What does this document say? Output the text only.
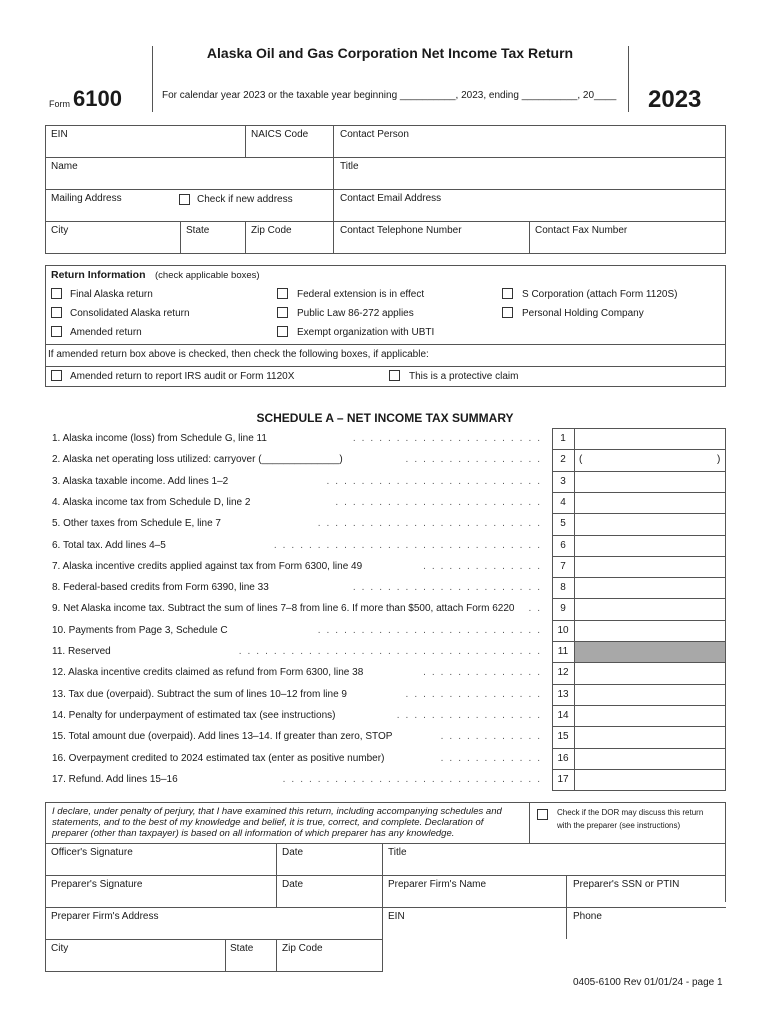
Alaska Oil and Gas Corporation Net Income Tax Return
Form 6100	For calendar year 2023 or the taxable year beginning __________, 2023, ending __________, 20____ 2023
EIN	NAICS Code	Contact Person
Name	Title
Mailing Address	Check if new address	Contact Email Address
City	State	Zip Code	Contact Telephone Number	Contact Fax Number
Return Information (check applicable boxes)
Final Alaska return
Consolidated Alaska return
Amended return
Federal extension is in effect
Public Law 86-272 applies
Exempt organization with UBTI
S Corporation (attach Form 1120S)
Personal Holding Company
If amended return box above is checked, then check the following boxes, if applicable:
Amended return to report IRS audit or Form 1120X	This is a protective claim
SCHEDULE A – NET INCOME TAX SUMMARY
1. Alaska income (loss) from Schedule G, line 11	......................	1
2. Alaska net operating loss utilized: carryover (______________)	................	2	(	)
3. Alaska taxable income. Add lines 1–2	.........................	3
4. Alaska income tax from Schedule D, line 2	........................	4
5. Other taxes from Schedule E, line 7	..........................	5
6. Total tax. Add lines 4–5	...............................	6
7. Alaska incentive credits applied against tax from Form 6300, line 49	..............	7
8. Federal-based credits from Form 6390, line 33	......................	8
9. Net Alaska income tax. Subtract the sum of lines 7–8 from line 6. If more than $500, attach Form 6220	..	9
10. Payments from Page 3, Schedule C	..........................	10
11. Reserved	...................................	11
12. Alaska incentive credits claimed as refund from Form 6300, line 38	..............	12
13. Tax due (overpaid). Subtract the sum of lines 10–12 from line 9	................	13
14. Penalty for underpayment of estimated tax (see instructions)	.................	14
15. Total amount due (overpaid). Add lines 13–14. If greater than zero, STOP	............	15
16. Overpayment credited to 2024 estimated tax (enter as positive number)	............	16
17. Refund. Add lines 15–16	..............................	17
I declare, under penalty of perjury, that I have examined this return, including accompanying schedules and
statements, and to the best of my knowledge and belief, it is true, correct, and complete. Declaration of
preparer (other than taxpayer) is based on all information of which preparer has any knowledge.
Check if the DOR may discuss this return
with the preparer (see instructions)
Officer's Signature	Date	Title
Preparer's Signature	Date	Preparer Firm's Name	Preparer's SSN or PTIN
Preparer Firm's Address	EIN	Phone
City	State	Zip Code
0405-6100 Rev 01/01/24 - page 1
